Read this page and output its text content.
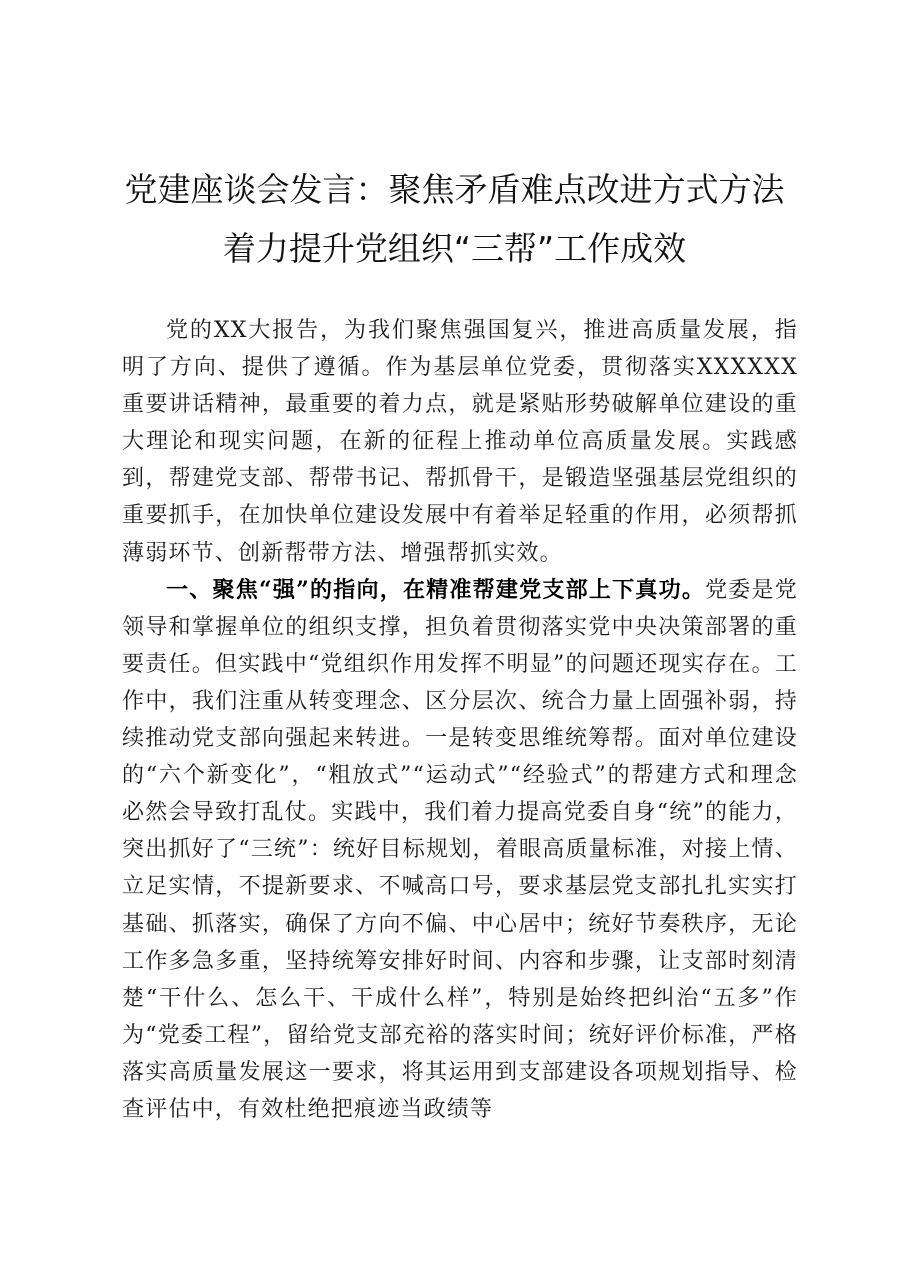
党建座谈会发言：聚焦矛盾难点改进方式方法
着力提升党组织“三帮”工作成效

党的XX大报告，为我们聚焦强国复兴，推进高质量发展，指明了方向、提供了遵循。作为基层单位党委，贯彻落实XXXXXX重要讲话精神，最重要的着力点，就是紧贴形势破解单位建设的重大理论和现实问题，在新的征程上推动单位高质量发展。实践感到，帮建党支部、帮带书记、帮抓骨干，是锻造坚强基层党组织的重要抓手，在加快单位建设发展中有着举足轻重的作用，必须帮抓薄弱环节、创新帮带方法、增强帮抓实效。

一、聚焦“强”的指向，在精准帮建党支部上下真功。党委是党领导和掌握单位的组织支撑，担负着贯彻落实党中央决策部署的重要责任。但实践中“党组织作用发挥不明显”的问题还现实存在。工作中，我们注重从转变理念、区分层次、统合力量上固强补弱，持续推动党支部向强起来转进。一是转变思维统筹帮。面对单位建设的“六个新变化”，“粗放式”“运动式”“经验式”的帮建方式和理念必然会导致打乱仗。实践中，我们着力提高党委自身“统”的能力，突出抓好了“三统”：统好目标规划，着眼高质量标准，对接上情、立足实情，不提新要求、不喊高口号，要求基层党支部扎扎实实打基础、抓落实，确保了方向不偏、中心居中；统好节奏秩序，无论工作多急多重，坚持统筹安排好时间、内容和步骤，让支部时刻清楚“干什么、怎么干、干成什么样”，特别是始终把纠治“五多”作为“党委工程”，留给党支部充裕的落实时间；统好评价标准，严格落实高质量发展这一要求，将其运用到支部建设各项规划指导、检查评估中，有效杜绝把痕迹当政绩等
